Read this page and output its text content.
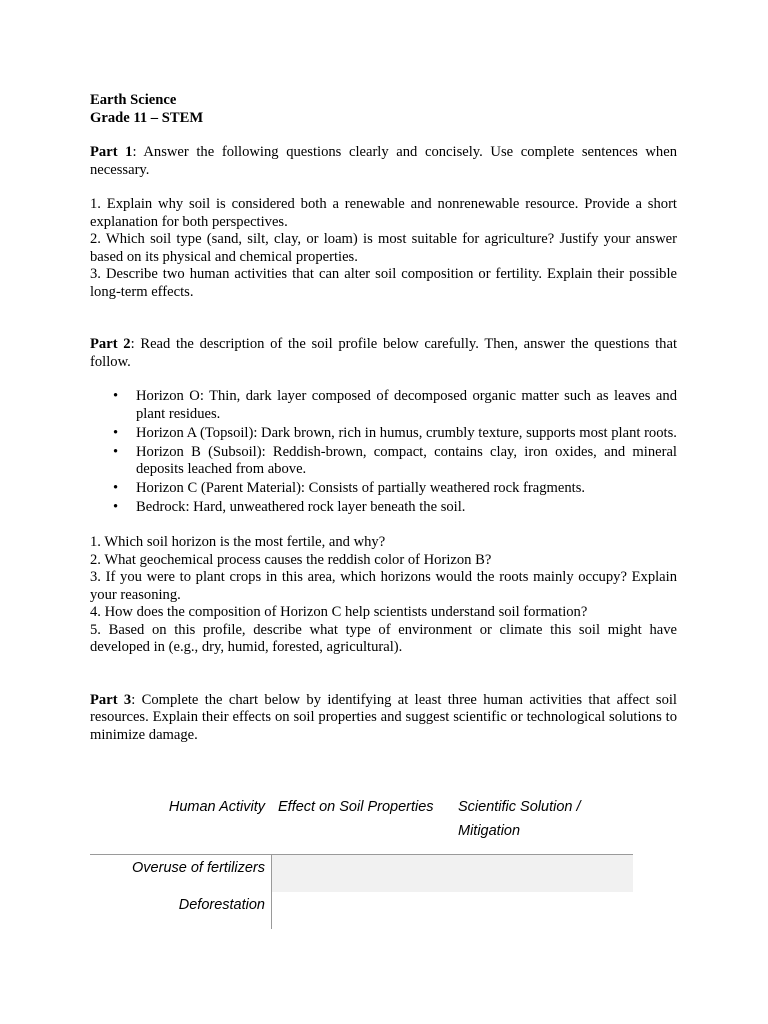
Earth Science
Grade 11 – STEM

Part 1: Answer the following questions clearly and concisely. Use complete sentences when necessary.

1. Explain why soil is considered both a renewable and nonrenewable resource. Provide a short explanation for both perspectives.
2. Which soil type (sand, silt, clay, or loam) is most suitable for agriculture? Justify your answer based on its physical and chemical properties.
3. Describe two human activities that can alter soil composition or fertility. Explain their possible long-term effects.

Part 2: Read the description of the soil profile below carefully. Then, answer the questions that follow.

• Horizon O: Thin, dark layer composed of decomposed organic matter such as leaves and plant residues.
• Horizon A (Topsoil): Dark brown, rich in humus, crumbly texture, supports most plant roots.
• Horizon B (Subsoil): Reddish-brown, compact, contains clay, iron oxides, and mineral deposits leached from above.
• Horizon C (Parent Material): Consists of partially weathered rock fragments.
• Bedrock: Hard, unweathered rock layer beneath the soil.
1. Which soil horizon is the most fertile, and why?
2. What geochemical process causes the reddish color of Horizon B?
3. If you were to plant crops in this area, which horizons would the roots mainly occupy? Explain your reasoning.
4. How does the composition of Horizon C help scientists understand soil formation?
5. Based on this profile, describe what type of environment or climate this soil might have developed in (e.g., dry, humid, forested, agricultural).

Part 3: Complete the chart below by identifying at least three human activities that affect soil resources. Explain their effects on soil properties and suggest scientific or technological solutions to minimize damage.

Human Activity Effect on Soil Properties Scientific Solution / Mitigation
Overuse of fertilizers
Deforestation
